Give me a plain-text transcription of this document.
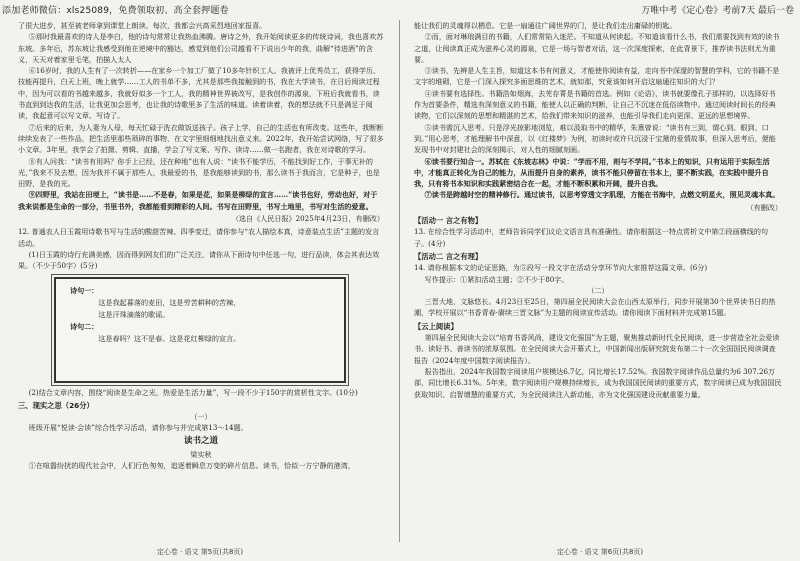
添加老师微信：xls25089，免费领取初、高全套押题卷	万唯中考《定心卷》考前7天 最后一卷

了很大进步，甚至被老师拿到课堂上朗读。每次，我都会兴高采烈地回家报喜。

⑤那时我最喜欢的诗人是李白，他的诗句常常让我热血沸腾。唐诗之外，我开始阅读更多的传统诗词，我也喜欢苏东坡。多年后，苏东坡让我感受到他在逆境中的豁达，感觉到他们公司越看不下说出少年的我，曲解“待进酒”的含义，天天对着家里毛笔，拍描人太人

⑥16岁时，我的人生有了一次转折——在家乡一个加工厂做了10多年针织工人。我被评上优秀员工，获得学历、技能再提升，白天上班，晚上就学……工人的书单不多，尤其是那些我接触到的书，我在大学读书，在日后阅读过程中，因为可以看的书越来越多，我就好似多一个工人，我的精神世界被改写，是我创作的源泉，下班后我就看书，读书直到到达我的生活，让我更加会思考，也让我的诗歌里多了生活的味道。读着读着，我的想法就不只是满足于阅读，我起意可以写文章、写诗了。

⑦后来的后来，为人妻为人母，每天忙碌于洗衣做饭送孩子。孩子上学，自己的生活也有所改变。这些年，我断断续续发表了一些作品，把生活里那些琐碎的事物，在文字里细细地找出意义来。2022年，我开始尝试网络，写了很多小文章。3年里，我学会了拍摄、剪辑、直播，学会了写文案、写作、读诗……做一名跑者，我在对诗歌的学习。

⑧有人问我：“读书有用吗？你手上已经，还在种地”也有人说：“读书不能学历，不能找到好工作，于事无补的光，”我来不及去想，因为我并不属于那些人，我最爱的书，是我能够读到的书，那么读书于我而言，它是种子，也是田野，是我的光。

⑨四野里，我站在田埂上，“读书是……不是春，如果是花，如果是柳绿的宣言……”读书也好，劳动也好，对于我来说都是生命的一部分，书里书外，我都能看到精彩的人间。书写在田野里，书写土地里，书写对生活的爱意。

（选自《人民日报》2025年4月23日，有删改）

12. 普通农人日玉霞用诗歌书写与生活的酸甜苦辣、四季变迁，请你参与“农人描绘本真，诗意装点生活”主题的发言活动。

(1)日玉霞的诗行充满美感，因而得到网友们的广泛关注，请你从下面诗句中任选一句，进行品读，体会其表达效果。（不少于50字）(5分)

诗句一：
这是我起暮落的麦田，这是劳苦耕种的苦辣，
这是汗珠滴落的歌谣。
诗句二：
这是春吗？这不是春。这是花红柳绿的宣言。

(2)结合文章内容，围绕“阅读是生命之光，热爱是生活力量”，写一段不少于150字的赏析性文字。(10分)

三、现实之思（26分）
（一）

班级开展“悦读·会读”综合性学习活动，请你参与并完成第13～14题。

读书之道
梁实秋

①在喧嚣纷扰的现代社会中，人们行色匆匆，追逐着瞬息万变的碎片信息。读书，恰似一方宁静的港湾，

能让我们的灵魂得以栖息。它是一扇通往广阔世界的门，是让我们走出庸碌的钥匙。

②而，面对琳琅满目的书籍，人们常常陷入迷茫。不知道从何读起。不知道该看什么书，我们需要找到有效的读书之道，让阅读真正成为滋养心灵的源泉，它是一场与智者对话，这一次深度探索，在此背景下，推荐读书法则尤为重要。

③读书，先辨是人生主旨，知道这本书有何意义，才能使你阅读有益，走向书中深邃的智慧的学科，它的书籍不是文字的堆砌，它是一门深入探究多面思维的艺术，就如那，究竟该如何开启这扇通往知识的大门？

④读书要有选择性。书籍浩如烟海，去芜存菁是书籍的首选。例如《论语》，读书就要像孔子那样的，以选择好书作为首要条件，精选有深刻意义的书籍，能使人以正确的判断，让自己不沉迷在低俗读物中。通过阅读时间长的经典读物，它们以深刻的思想和精湛的艺术，给我们带来知识的滋养，也能引导我们走向更深、更远的思想境界。

⑤读书需沉入思考。只是浮光掠影地浏览，难以汲取书中的精华，朱熹曾说：“读书有三到，谓心到、眼到、口到。”用心思考，才能理解书中深意，以《红楼梦》为例，初读时或许只沉浸于宝黛的爱情故事，但深入思考后，便能发现书中对封建社会的深刻揭示，对人性的细腻刻画。

⑥读书要行知合一。苏轼在《东坡志林》中说：“学而不用，则与不学同。”书本上的知识，只有运用于实际生活中，才能真正转化为自己的能力，从而提升自身的素养，读书不能只停留在书本上，要不断实践，在实践中提升自我，只有将书本知识和实践紧密结合在一起，才能不断积累和开阔，提升自我。

⑦读书是跨越时空的精神修行。通过读书，以思考穿透文字肌理，方能在书海中，点燃文明星火，照见灵魂本真。

（有删改）
【活动一 言之有物】

13. 在综合性学习活动中，老师告诉同学们议论文语言具有准确性。请你根据这一特点赏析文中第②段画横线的句子。(4分)

【活动二 言之有理】

14. 请你根据本文的论证思路，为⑤段写一段文字在活动分享环节向大家推荐这篇文章。(6分)

写作提示：①紧扣活动主题；②不少于80字。

（二）

三晋大地，文脉悠长。4月23日至25日，第四届全民阅读大会在山西太原举行，同步开展第30个世界读书日的热潮，学校开展以“书香青春·赓续三晋文脉”为主题的阅读宣传活动。请你阅读下面材料并完成第15题。

【云上阅读】

第四届全民阅读大会以“培育书香风尚，建设文化强国”为主题，聚焦推动新时代全民阅读，进一步营造全社会爱读书、读好书、善读书的浓厚氛围。在全民阅读大会开幕式上，中国新闻出版研究院发布第二十一次全国国民阅读调查报告（2024年度中国数字阅读报告）。

报告指出，2024年我国数字阅读用户规模达6.7亿，同比增长17.52%。我国数字阅读作品总量约为6 307.26万部，同比增长6.31%。5年来，数字阅读用户规模持续增长，成为我国国民阅读的重要方式，数字阅读已成为我国国民获取知识、启智增慧的重要方式，为全民阅读注入新动能，亦为文化强国建设贡献重要力量。

定心卷 · 语文 第5页(共8页)	定心卷 · 语文 第6页(共8页)
